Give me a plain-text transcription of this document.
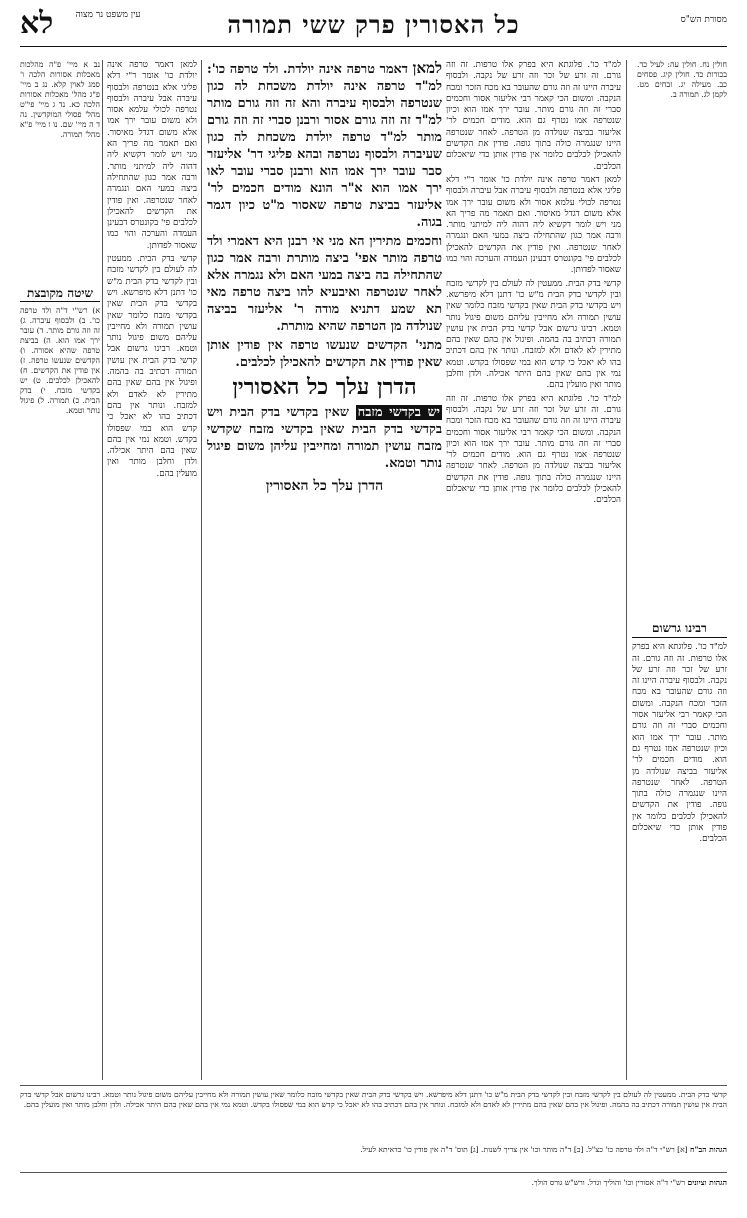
מסורת הש"ס
כל האסורין פרק ששי תמורה
עין משפט נר מצוה
לא

חולין נח. חולין עה: לעיל כד. בכורות כד. חולין קיג. פסחים כב. מעילה יג. זבחים מט. לקמן לג. תמורה ב.

רבינו גרשום

למ"ד כו'. פלוגתא היא בפרק אלו טרפות. זה וזה גורם. זה זרע של זכר וזה זרע של נקבה. ולבסוף עיברה היינו זה וזה גורם שהעובר בא מכח הזכר ומכח הנקבה. ומשום הכי קאמר רבי אליעזר אסור וחכמים סברי זה וזה גורם מותר. עובר ירך אמו הוא וכיון שנטרפה אמו נטרף גם הוא. מודים חכמים לר' אליעזר בביצה שנולדה מן הטרפה. לאחר שנטרפה היינו שנגמרה כולה בתוך גופה. פודין את הקדשים להאכילן לכלבים כלומר אין פודין אותן כדי שיאכלום הכלבים.

למ"ד כו'. פלוגתא היא בפרק אלו טרפות. זה וזה גורם. זה זרע של זכר וזה זרע של נקבה. ולבסוף עיברה היינו זה וזה גורם שהעובר בא מכח הזכר ומכח הנקבה. ומשום הכי קאמר רבי אליעזר אסור וחכמים סברי זה וזה גורם מותר. עובר ירך אמו הוא וכיון שנטרפה אמו נטרף גם הוא. מודים חכמים לר' אליעזר בביצה שנולדה מן הטרפה. לאחר שנטרפה היינו שנגמרה כולה בתוך גופה. פודין את הקדשים להאכילן לכלבים כלומר אין פודין אותן כדי שיאכלום הכלבים.

למאן דאמר טרפה אינה יולדת כו' אומר ר"י דלא פליגי אלא בנטרפה ולבסוף עיברה אבל עיברה ולבסוף נטרפה לכולי עלמא אסור ולא משום עובר ירך אמו אלא משום דגדל מאיסור. ואם תאמר מה פריך הא מני ויש לומר דקשיא ליה דהוה ליה למיתני מותר. ורבה אמר כגון שהתחילה ביצה במעי האם ונגמרה לאחר שנטרפה. ואין פודין את הקדשים להאכילן לכלבים פי' בקונטרס דבעינן העמדה והערכה והוי כמו שאסור לפדותן.

קדשי בדק הבית. ממעטין לה לעולם בין לקדשי מזבח ובין לקדשי בדק הבית מ"ש כו' דתנן דלא מיפרשא. ויש בקדשי בדק הבית שאין בקדשי מזבח כלומר שאין עושין תמורה ולא מחייבין עליהם משום פיגול נותר וטמא. רבינו גרשום אבל קדשי בדק הבית אין עושין תמורה דכתיב בה בהמה. ופיגול אין בהם שאין בהם מתירין לא לאדם ולא למזבח. ונותר אין בהם דכתיב בהו לא יאכל כי קדש הוא במי שפסולו בקדש. וטמא נמי אין בהם שאין בהם היתר אכילה. ולדן וחלבן מותר ואין מועלין בהם.

למ"ד כו'. פלוגתא היא בפרק אלו טרפות. זה וזה גורם. זה זרע של זכר וזה זרע של נקבה. ולבסוף עיברה היינו זה וזה גורם שהעובר בא מכח הזכר ומכח הנקבה. ומשום הכי קאמר רבי אליעזר אסור וחכמים סברי זה וזה גורם מותר. עובר ירך אמו הוא וכיון שנטרפה אמו נטרף גם הוא. מודים חכמים לר' אליעזר בביצה שנולדה מן הטרפה. לאחר שנטרפה היינו שנגמרה כולה בתוך גופה. פודין את הקדשים להאכילן לכלבים כלומר אין פודין אותן כדי שיאכלום הכלבים.

למאן דאמר טרפה אינה יולדת. ולד טרפה כו': למ"ד טרפה אינה יולדת משכחת לה כגון שנטרפה ולבסוף עיברה והא זה וזה גורם מותר למ"ד זה וזה גורם אסור ורבנן סברי זה וזה גורם מותר למ"ד טרפה יולדת משכחת לה כגון שעיברה ולבסוף נטרפה ובהא פליגי דר' אליעזר סבר עובר ירך אמו הוא ורבנן סברי עובר לאו ירך אמו הוא א"ר הונא מודים חכמים לר' אליעזר בביצת טרפה שאסור מ"ט כיון דגמר בגוה.

וחכמים מתירין הא מני אי רבנן היא דאמרי ולד טרפה מותר אפי' ביצה מותרת ורבה אמר כגון שהתחילה בה ביצה במעי האם ולא נגמרה אלא לאחר שנטרפה ואיבעיא להו ביצה טרפה מאי תא שמע דתניא מודה ר' אליעזר בביצה שנולדה מן הטרפה שהיא מותרת.

מתני' הקדשים שנעשו טרפה אין פודין אותן שאין פודין את הקדשים להאכילן לכלבים.

הדרן עלך כל האסורין

יש בקדשי מזבח שאין בקדשי בדק הבית ויש בקדשי בדק הבית שאין בקדשי מזבח שקדשי מזבח עושין תמורה ומחייבין עליהן משום פיגול נותר וטמא.

הדרן עלך כל האסורין

למאן דאמר טרפה אינה יולדת כו' אומר ר"י דלא פליגי אלא בנטרפה ולבסוף עיברה אבל עיברה ולבסוף נטרפה לכולי עלמא אסור ולא משום עובר ירך אמו אלא משום דגדל מאיסור. ואם תאמר מה פריך הא מני ויש לומר דקשיא ליה דהוה ליה למיתני מותר. ורבה אמר כגון שהתחילה ביצה במעי האם ונגמרה לאחר שנטרפה. ואין פודין את הקדשים להאכילן לכלבים פי' בקונטרס דבעינן העמדה והערכה והוי כמו שאסור לפדותן.

קדשי בדק הבית. ממעטין לה לעולם בין לקדשי מזבח ובין לקדשי בדק הבית מ"ש כו' דתנן דלא מיפרשא. ויש בקדשי בדק הבית שאין בקדשי מזבח כלומר שאין עושין תמורה ולא מחייבין עליהם משום פיגול נותר וטמא. רבינו גרשום אבל קדשי בדק הבית אין עושין תמורה דכתיב בה בהמה. ופיגול אין בהם שאין בהם מתירין לא לאדם ולא למזבח. ונותר אין בהם דכתיב בהו לא יאכל כי קדש הוא במי שפסולו בקדש. וטמא נמי אין בהם שאין בהם היתר אכילה. ולדן וחלבן מותר ואין מועלין בהם.

נב א מיי' פ"ה מהלכות מאכלות אסורות הלכה ו' סמג לאוין קלא. נג ב מיי' פ"ג מהל' מאכלות אסורות הלכה כא. נד ג מיי' פי"ט מהל' פסולי המוקדשין. נה ד ה מיי' שם. נו ו מיי' פ"א מהל' תמורה.

שיטה מקובצת

א) רש"י ד"ה ולד טרפה כו'. ב) ולבסוף עיברה. ג) זה וזה גורם מותר. ד) עובר ירך אמו הוא. ה) בביצת טרפה שהיא אסורה. ו) הקדשים שנעשו טרפה. ז) אין פודין את הקדשים. ח) להאכילן לכלבים. ט) יש בקדשי מזבח. י) בדק הבית. כ) תמורה. ל) פיגול נותר וטמא.

קדשי בדק הבית. ממעטין לה לעולם בין לקדשי מזבח ובין לקדשי בדק הבית מ"ש כו' דתנן דלא מיפרשא. ויש בקדשי בדק הבית שאין בקדשי מזבח כלומר שאין עושין תמורה ולא מחייבין עליהם משום פיגול נותר וטמא. רבינו גרשום אבל קדשי בדק הבית אין עושין תמורה דכתיב בה בהמה. ופיגול אין בהם שאין בהם מתירין לא לאדם ולא למזבח. ונותר אין בהם דכתיב בהו לא יאכל כי קדש הוא במי שפסולו בקדש. וטמא נמי אין בהם שאין בהם היתר אכילה. ולדן וחלבן מותר ואין מועלין בהם.
הגהות הב"ח [א] רש"י ד"ה ולד טרפה כו' כצ"ל. [ב] ד"ה מותר וכו' אין צריך לשנות. [ג] תוס' ד"ה אין פודין כו' כדאיתא לעיל.
הגהות וציונים רש"י ד"ה אסורין וכו' והוליך וגדל. ורש"ש גורס הולך.
